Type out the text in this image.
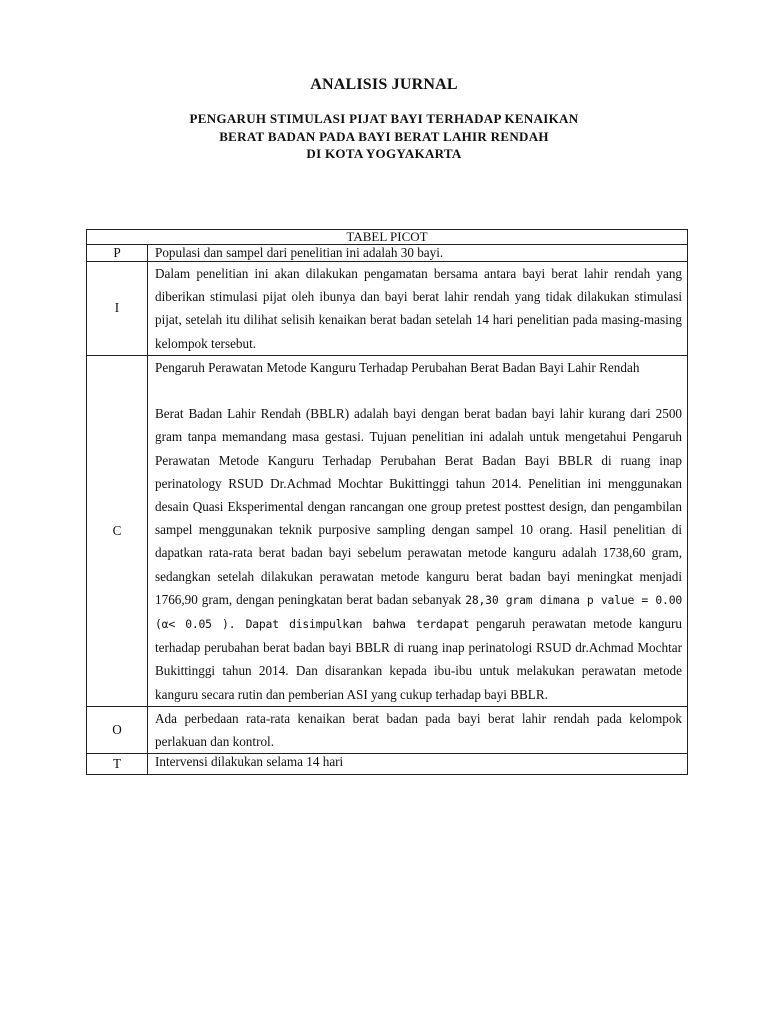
ANALISIS JURNAL
PENGARUH STIMULASI PIJAT BAYI TERHADAP KENAIKAN
BERAT BADAN PADA BAYI BERAT LAHIR RENDAH
DI KOTA YOGYAKARTA
TABEL PICOT	
P	Populasi dan sampel dari penelitian ini adalah 30 bayi.
I	Dalam penelitian ini akan dilakukan pengamatan bersama antara bayi berat lahir rendah yang diberikan stimulasi pijat oleh ibunya dan bayi berat lahir rendah yang tidak dilakukan stimulasi pijat, setelah itu dilihat selisih kenaikan berat badan setelah 14 hari penelitian pada masing-masing kelompok tersebut.
C	Pengaruh Perawatan Metode Kanguru Terhadap Perubahan Berat Badan Bayi Lahir Rendah

Berat Badan Lahir Rendah (BBLR) adalah bayi dengan berat badan bayi lahir kurang dari 2500 gram tanpa memandang masa gestasi. Tujuan penelitian ini adalah untuk mengetahui Pengaruh Perawatan Metode Kanguru Terhadap Perubahan Berat Badan Bayi BBLR di ruang inap perinatology RSUD Dr.Achmad Mochtar Bukittinggi tahun 2014. Penelitian ini menggunakan desain Quasi Eksperimental dengan rancangan one group pretest posttest design, dan pengambilan sampel menggunakan teknik purposive sampling dengan sampel 10 orang. Hasil penelitian di dapatkan rata-rata berat badan bayi sebelum perawatan metode kanguru adalah 1738,60 gram, sedangkan setelah dilakukan perawatan metode kanguru berat badan bayi meningkat menjadi 1766,90 gram, dengan peningkatan berat badan sebanyak 28,30 gram dimana p value = 0.00 (α< 0.05 ). Dapat disimpulkan bahwa terdapat pengaruh perawatan metode kanguru terhadap perubahan berat badan bayi BBLR di ruang inap perinatologi RSUD dr.Achmad Mochtar Bukittinggi tahun 2014. Dan disarankan kepada ibu-ibu untuk melakukan perawatan metode kanguru secara rutin dan pemberian ASI yang cukup terhadap bayi BBLR.

O	Ada perbedaan rata-rata kenaikan berat badan pada bayi berat lahir rendah pada kelompok perlakuan dan kontrol.
T	Intervensi dilakukan selama 14 hari
